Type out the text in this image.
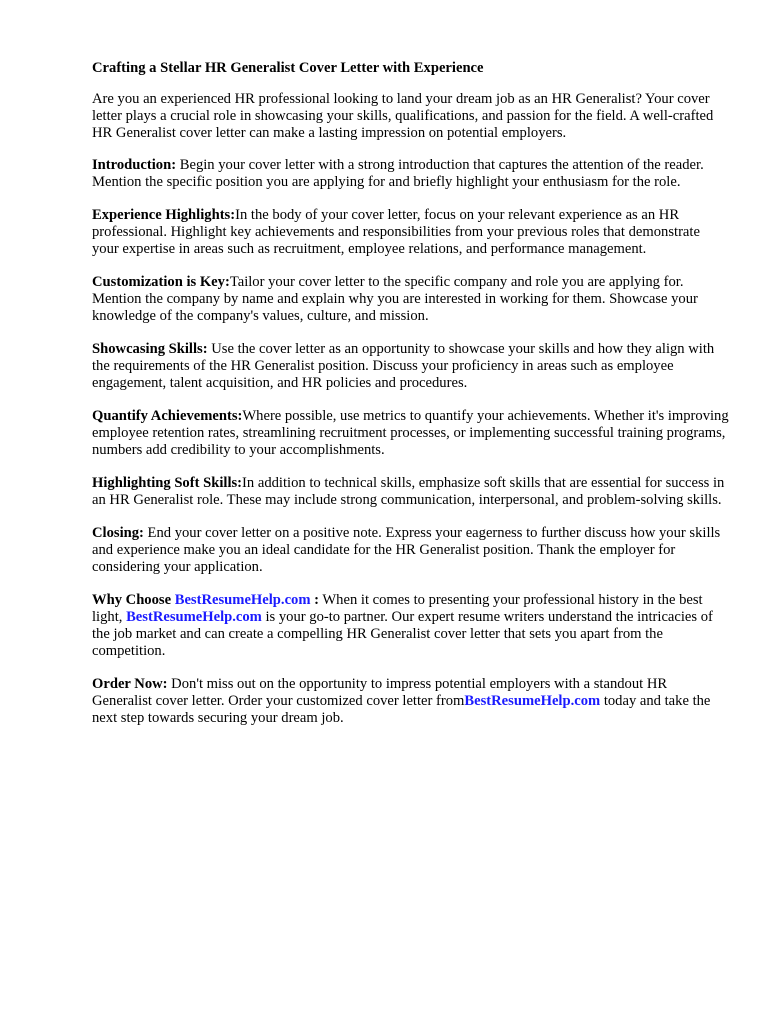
Crafting a Stellar HR Generalist Cover Letter with Experience

Are you an experienced HR professional looking to land your dream job as an HR Generalist? Your cover letter plays a crucial role in showcasing your skills, qualifications, and passion for the field. A well-crafted HR Generalist cover letter can make a lasting impression on potential employers.

Introduction: Begin your cover letter with a strong introduction that captures the attention of the reader. Mention the specific position you are applying for and briefly highlight your enthusiasm for the role.

Experience Highlights:In the body of your cover letter, focus on your relevant experience as an HR professional. Highlight key achievements and responsibilities from your previous roles that demonstrate your expertise in areas such as recruitment, employee relations, and performance management.

Customization is Key:Tailor your cover letter to the specific company and role you are applying for. Mention the company by name and explain why you are interested in working for them. Showcase your knowledge of the company's values, culture, and mission.

Showcasing Skills: Use the cover letter as an opportunity to showcase your skills and how they align with the requirements of the HR Generalist position. Discuss your proficiency in areas such as employee engagement, talent acquisition, and HR policies and procedures.

Quantify Achievements:Where possible, use metrics to quantify your achievements. Whether it's improving employee retention rates, streamlining recruitment processes, or implementing successful training programs, numbers add credibility to your accomplishments.

Highlighting Soft Skills:In addition to technical skills, emphasize soft skills that are essential for success in an HR Generalist role. These may include strong communication, interpersonal, and problem-solving skills.

Closing: End your cover letter on a positive note. Express your eagerness to further discuss how your skills and experience make you an ideal candidate for the HR Generalist position. Thank the employer for considering your application.

Why Choose BestResumeHelp.com : When it comes to presenting your professional history in the best light, BestResumeHelp.com is your go-to partner. Our expert resume writers understand the intricacies of the job market and can create a compelling HR Generalist cover letter that sets you apart from the competition.

Order Now: Don't miss out on the opportunity to impress potential employers with a standout HR Generalist cover letter. Order your customized cover letter fromBestResumeHelp.com today and take the next step towards securing your dream job.
